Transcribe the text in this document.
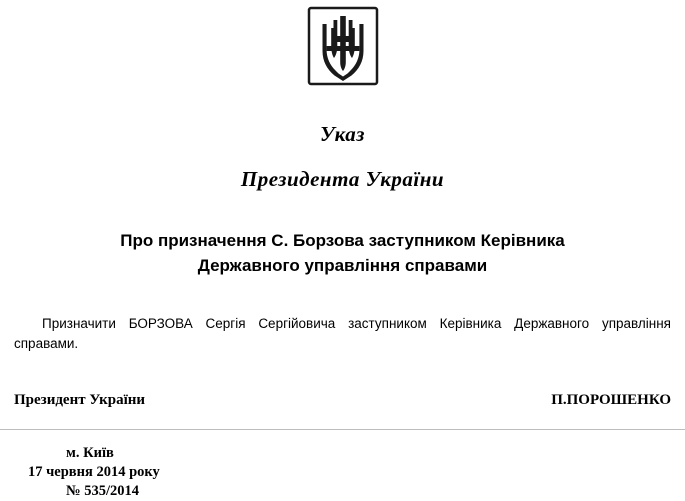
Указ
Президента України
Про призначення С. Борзова заступником Керівника
Державного управління справами
Призначити БОРЗОВА Сергія Сергійовича заступником Керівника Державного управління справами.
Президент України	П.ПОРОШЕНКО
м. Київ
17 червня 2014 року
№ 535/2014
